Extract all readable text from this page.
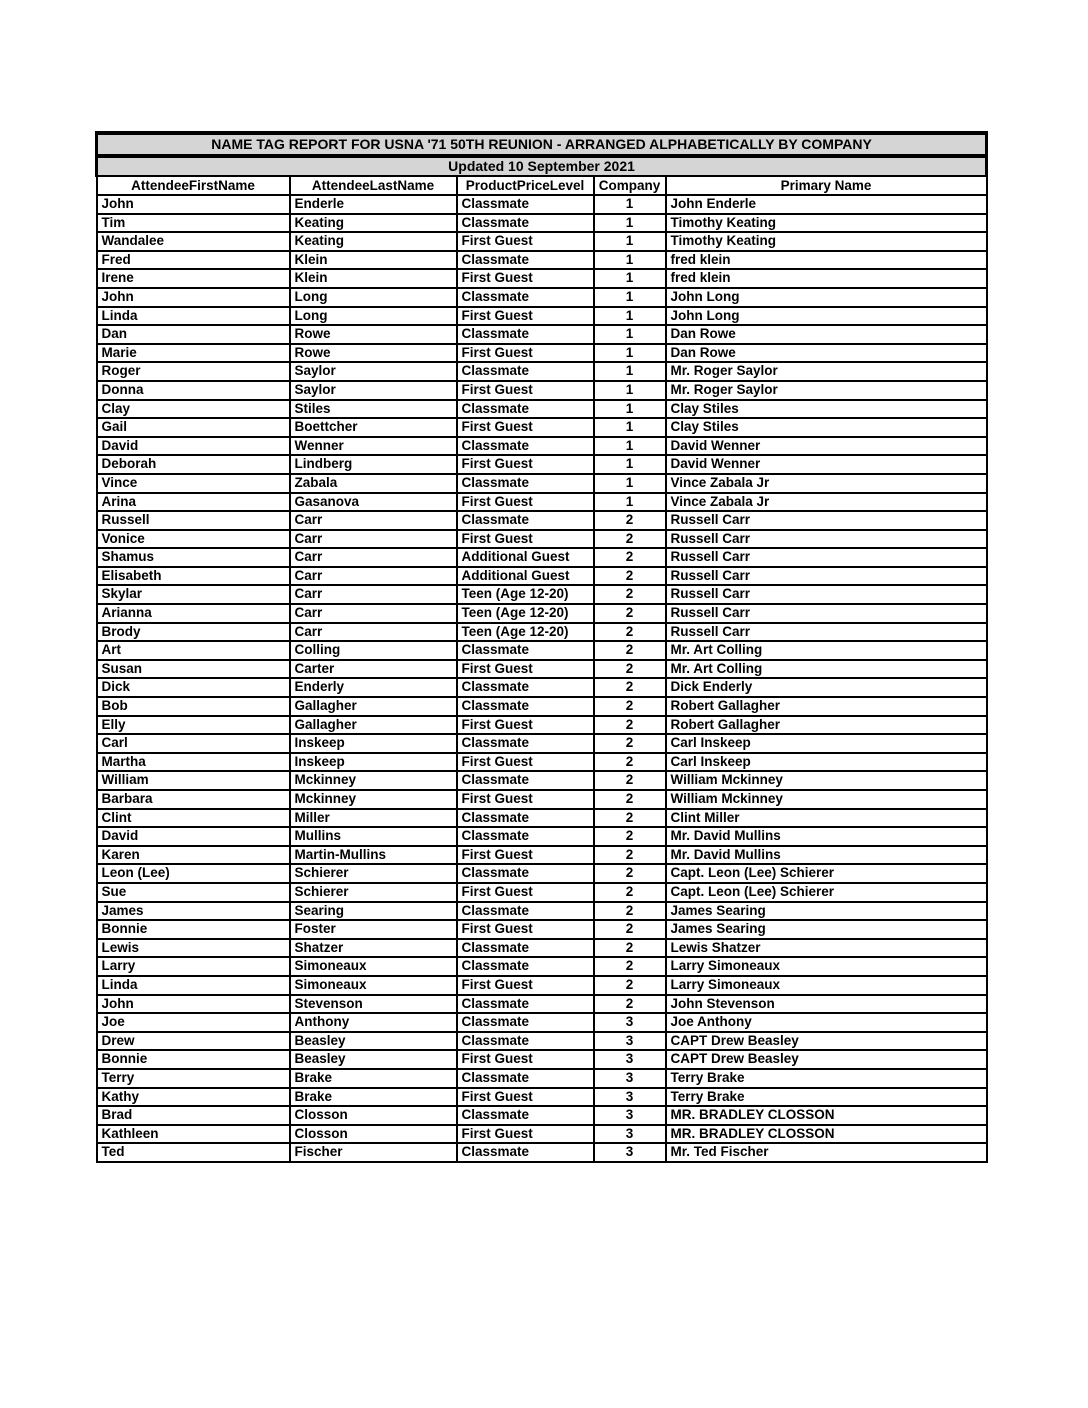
NAME TAG REPORT FOR USNA '71 50TH REUNION - ARRANGED ALPHABETICALLY BY COMPANY				
Updated 10 September 2021				
AttendeeFirstName	AttendeeLastName	ProductPriceLevel	Company	Primary Name
John	Enderle	Classmate	1	John Enderle
Tim	Keating	Classmate	1	Timothy Keating
Wandalee	Keating	First Guest	1	Timothy Keating
Fred	Klein	Classmate	1	fred klein
Irene	Klein	First Guest	1	fred klein
John	Long	Classmate	1	John Long
Linda	Long	First Guest	1	John Long
Dan	Rowe	Classmate	1	Dan Rowe
Marie	Rowe	First Guest	1	Dan Rowe
Roger	Saylor	Classmate	1	Mr. Roger Saylor
Donna	Saylor	First Guest	1	Mr. Roger Saylor
Clay	Stiles	Classmate	1	Clay Stiles
Gail	Boettcher	First Guest	1	Clay Stiles
David	Wenner	Classmate	1	David Wenner
Deborah	Lindberg	First Guest	1	David Wenner
Vince	Zabala	Classmate	1	Vince Zabala Jr
Arina	Gasanova	First Guest	1	Vince Zabala Jr
Russell	Carr	Classmate	2	Russell Carr
Vonice	Carr	First Guest	2	Russell Carr
Shamus	Carr	Additional Guest	2	Russell Carr
Elisabeth	Carr	Additional Guest	2	Russell Carr
Skylar	Carr	Teen (Age 12-20)	2	Russell Carr
Arianna	Carr	Teen (Age 12-20)	2	Russell Carr
Brody	Carr	Teen (Age 12-20)	2	Russell Carr
Art	Colling	Classmate	2	Mr. Art Colling
Susan	Carter	First Guest	2	Mr. Art Colling
Dick	Enderly	Classmate	2	Dick Enderly
Bob	Gallagher	Classmate	2	Robert Gallagher
Elly	Gallagher	First Guest	2	Robert Gallagher
Carl	Inskeep	Classmate	2	Carl Inskeep
Martha	Inskeep	First Guest	2	Carl Inskeep
William	Mckinney	Classmate	2	William Mckinney
Barbara	Mckinney	First Guest	2	William Mckinney
Clint	Miller	Classmate	2	Clint Miller
David	Mullins	Classmate	2	Mr. David Mullins
Karen	Martin-Mullins	First Guest	2	Mr. David Mullins
Leon (Lee)	Schierer	Classmate	2	Capt. Leon (Lee) Schierer
Sue	Schierer	First Guest	2	Capt. Leon (Lee) Schierer
James	Searing	Classmate	2	James Searing
Bonnie	Foster	First Guest	2	James Searing
Lewis	Shatzer	Classmate	2	Lewis Shatzer
Larry	Simoneaux	Classmate	2	Larry Simoneaux
Linda	Simoneaux	First Guest	2	Larry Simoneaux
John	Stevenson	Classmate	2	John Stevenson
Joe	Anthony	Classmate	3	Joe Anthony
Drew	Beasley	Classmate	3	CAPT Drew Beasley
Bonnie	Beasley	First Guest	3	CAPT Drew Beasley
Terry	Brake	Classmate	3	Terry Brake
Kathy	Brake	First Guest	3	Terry Brake
Brad	Closson	Classmate	3	MR. BRADLEY CLOSSON
Kathleen	Closson	First Guest	3	MR. BRADLEY CLOSSON
Ted	Fischer	Classmate	3	Mr. Ted Fischer
